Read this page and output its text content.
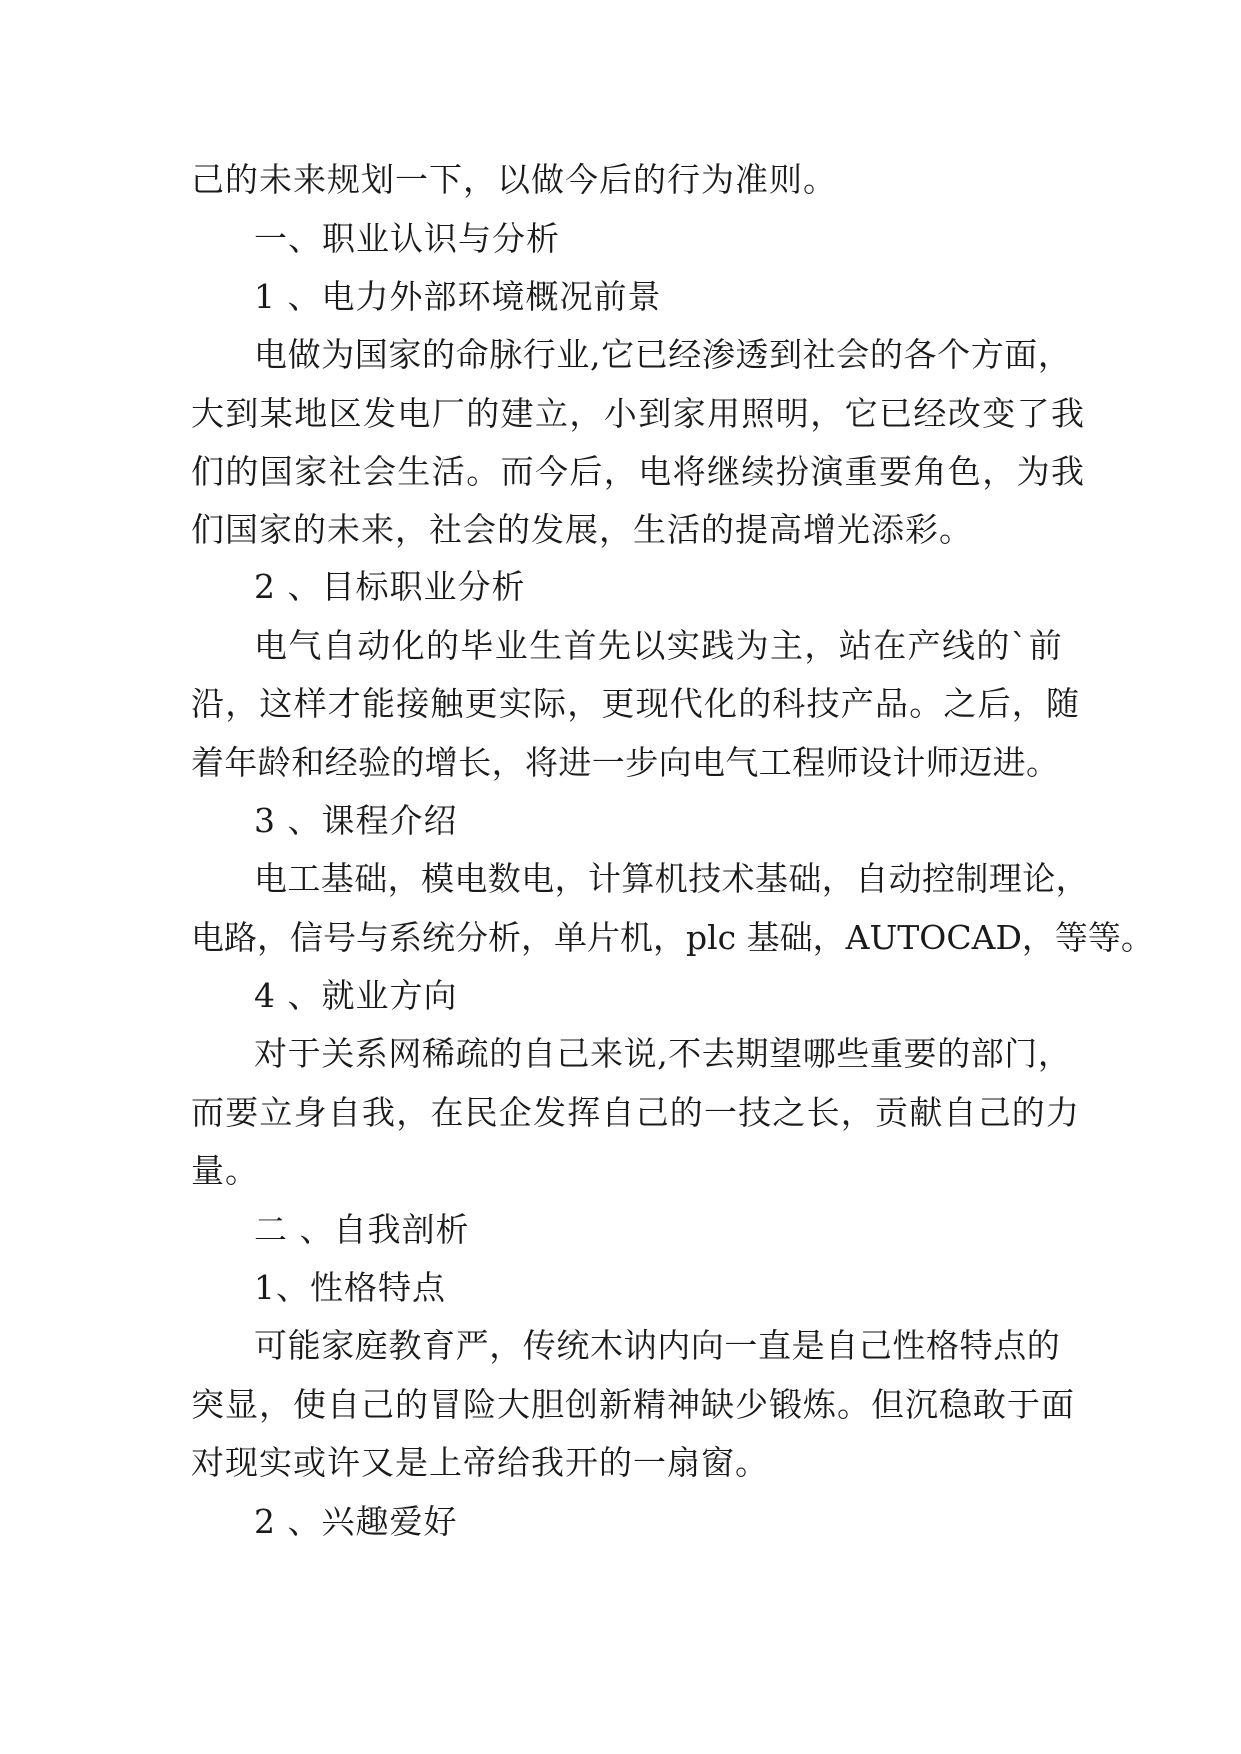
己的未来规划一下，以做今后的行为准则。
一、职业认识与分析
1 、电力外部环境概况前景
电做为国家的命脉行业,它已经渗透到社会的各个方面，
大到某地区发电厂的建立，小到家用照明，它已经改变了我
们的国家社会生活。而今后，电将继续扮演重要角色，为我
们国家的未来，社会的发展，生活的提高增光添彩。
2 、目标职业分析
电气自动化的毕业生首先以实践为主，站在产线的`前
沿，这样才能接触更实际，更现代化的科技产品。之后，随
着年龄和经验的增长，将进一步向电气工程师设计师迈进。
3 、课程介绍
电工基础，模电数电，计算机技术基础，自动控制理论，
电路，信号与系统分析，单片机，plc 基础，AUTOCAD，等等。
4 、就业方向
对于关系网稀疏的自己来说,不去期望哪些重要的部门，
而要立身自我，在民企发挥自己的一技之长，贡献自己的力
量。
二 、自我剖析
1、性格特点
可能家庭教育严，传统木讷内向一直是自己性格特点的
突显，使自己的冒险大胆创新精神缺少锻炼。但沉稳敢于面
对现实或许又是上帝给我开的一扇窗。
2 、兴趣爱好
